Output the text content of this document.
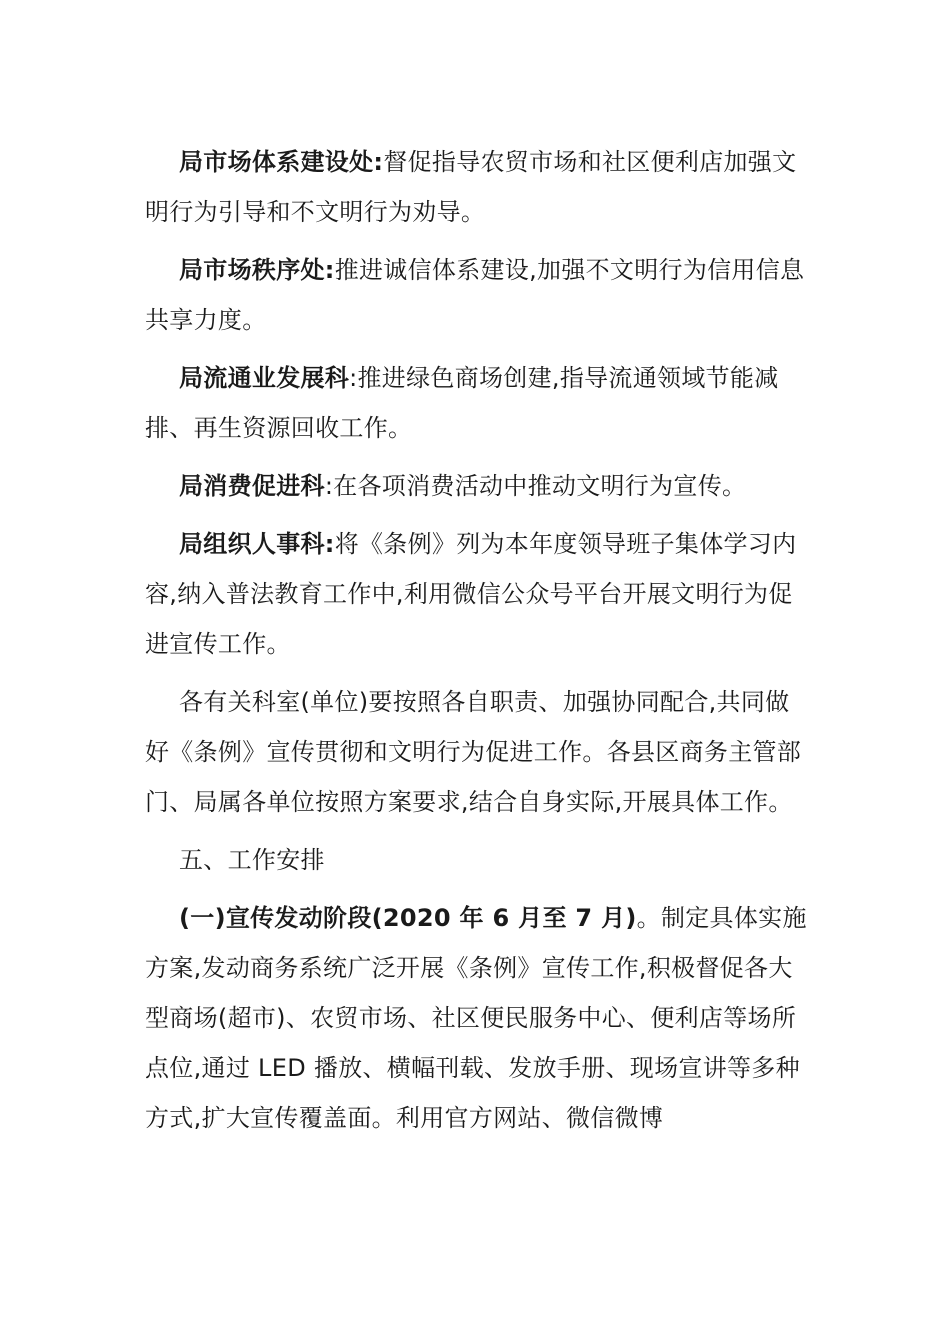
局市场体系建设处:督促指导农贸市场和社区便利店加强文明行为引导和不文明行为劝导。

局市场秩序处:推进诚信体系建设,加强不文明行为信用信息共享力度。

局流通业发展科:推进绿色商场创建,指导流通领域节能减排、再生资源回收工作。

局消费促进科:在各项消费活动中推动文明行为宣传。

局组织人事科:将《条例》列为本年度领导班子集体学习内容,纳入普法教育工作中,利用微信公众号平台开展文明行为促进宣传工作。

各有关科室(单位)要按照各自职责、加强协同配合,共同做好《条例》宣传贯彻和文明行为促进工作。各县区商务主管部门、局属各单位按照方案要求,结合自身实际,开展具体工作。

五、工作安排

(一)宣传发动阶段(2020 年 6 月至 7 月)。制定具体实施方案,发动商务系统广泛开展《条例》宣传工作,积极督促各大型商场(超市)、农贸市场、社区便民服务中心、便利店等场所点位,通过 LED 播放、横幅刊载、发放手册、现场宣讲等多种方式,扩大宣传覆盖面。利用官方网站、微信微博
